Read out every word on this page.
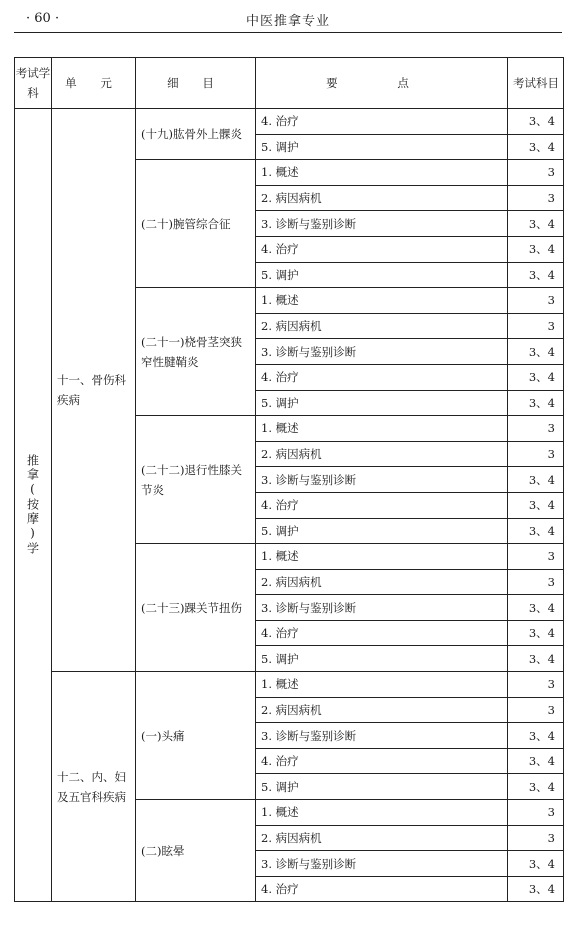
· 60 ·	中医推拿专业
考试学科	单 元	细 目	要 点	考试科目
推拿(按摩)学	十一、骨伤科疾病	(十九)肱骨外上髁炎	4. 治疗	3、4
			5. 调护	3、4
		(二十)腕管综合征	1. 概述	3
			2. 病因病机	3
			3. 诊断与鉴别诊断	3、4
			4. 治疗	3、4
			5. 调护	3、4
		(二十一)桡骨茎突狭窄性腱鞘炎	1. 概述	3
			2. 病因病机	3
			3. 诊断与鉴别诊断	3、4
			4. 治疗	3、4
			5. 调护	3、4
		(二十二)退行性膝关节炎	1. 概述	3
			2. 病因病机	3
			3. 诊断与鉴别诊断	3、4
			4. 治疗	3、4
			5. 调护	3、4
		(二十三)踝关节扭伤	1. 概述	3
			2. 病因病机	3
			3. 诊断与鉴别诊断	3、4
			4. 治疗	3、4
			5. 调护	3、4
	十二、内、妇及五官科疾病	(一)头痛	1. 概述	3
			2. 病因病机	3
			3. 诊断与鉴别诊断	3、4
			4. 治疗	3、4
			5. 调护	3、4
		(二)眩晕	1. 概述	3
			2. 病因病机	3
			3. 诊断与鉴别诊断	3、4
			4. 治疗	3、4
